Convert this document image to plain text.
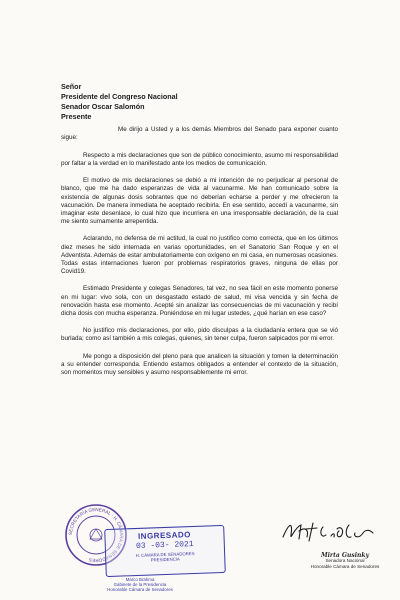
Señor
Presidente del Congreso Nacional
Senador Oscar Salomón
Presente

Me dirijo a Usted y a los demás Miembros del Senado para exponer cuanto sigue:

Respecto a mis declaraciones que son de público conocimiento, asumo mi responsabilidad por faltar a la verdad en lo manifestado ante los medios de comunicación.

El motivo de mis declaraciones se debió a mi intención de no perjudicar al personal de blanco, que me ha dado esperanzas de vida al vacunarme. Me han comunicado sobre la existencia de algunas dosis sobrantes que no deberían echarse a perder y me ofrecieron la vacunación. De manera inmediata he aceptado recibirla. En ese sentido, accedí a vacunarme, sin imaginar este desenlace, lo cual hizo que incurriera en una irresponsable declaración, de la cual me siento sumamente arrepentida.

Aclarando, no defensa de mi actitud, la cual no justifico como correcta, que en los últimos diez meses he sido internada en varias oportunidades, en el Sanatorio San Roque y en el Adventista. Además de estar ambulatoriamente con oxígeno en mi casa, en numerosas ocasiones. Todas estas internaciones fueron por problemas respiratorios graves, ninguna de ellas por Covid19.

Estimado Presidente y colegas Senadores, tal vez, no sea fácil en este momento ponerse en mi lugar: vivo sola, con un desgastado estado de salud, mi visa vencida y sin fecha de renovación hasta ese momento. Acepté sin analizar las consecuencias de mi vacunación y recibí dicha dosis con mucha esperanza. Poniéndose en mi lugar ustedes, ¿qué harían en ese caso?

No justifico mis declaraciones, por ello, pido disculpas a la ciudadanía entera que se vió burlada; como así también a mis colegas, quienes, sin tener culpa, fueron salpicados por mi error.

Me pongo a disposición del pleno para que analicen la situación y tomen la determinación a su entender corresponda. Entiendo estamos obligados a entender el contexto de la situación, son momentos muy sensibles y asumo responsablemente mi error.

Mirta Gusinky
Senadora Nacional
Honorable Cámara de Senadores
SECRETARÍA GENERAL · H. CÁMARA DE SENADORES ·
INGRESADO
03 -03- 2021
H. CÁMARA DE SENADORES
PRESIDENCIA
Marco Brahma
Gabinete de la Presidencia
Honorable Cámara de Senadores
